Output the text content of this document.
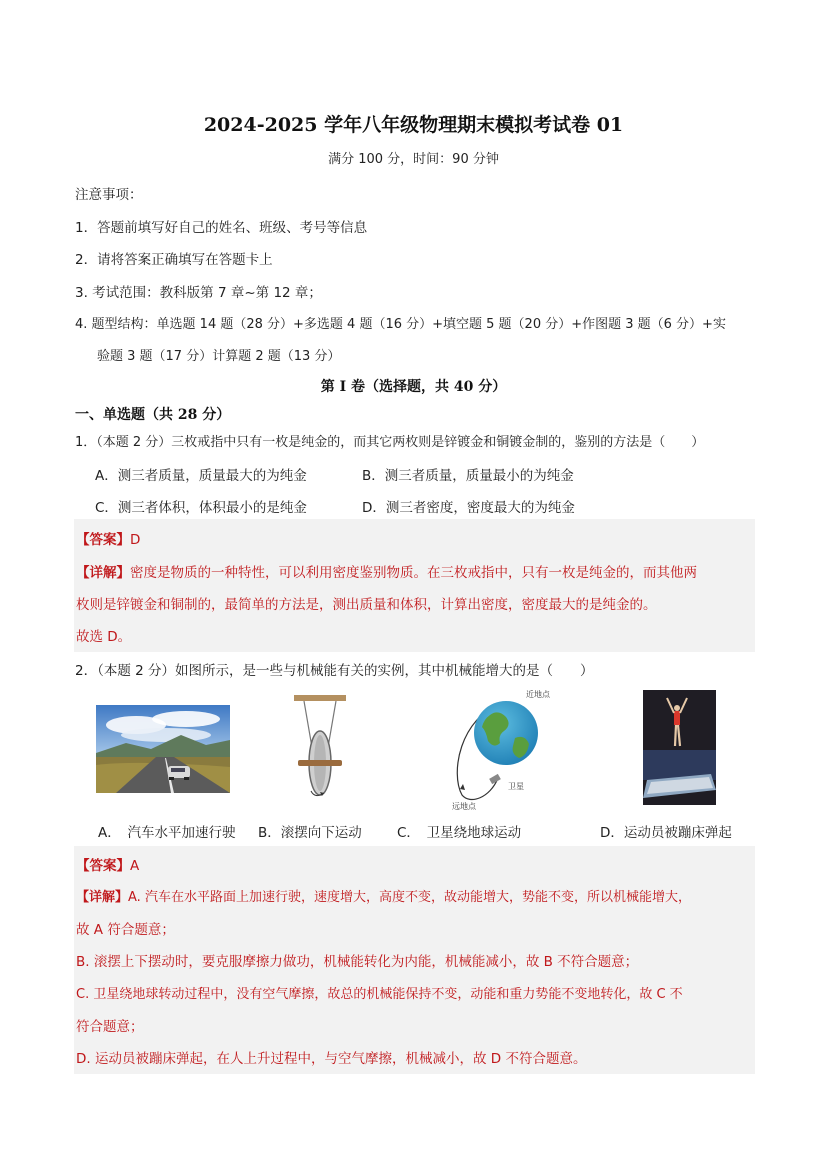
2024-2025 学年八年级物理期末模拟考试卷 01
满分 100 分，时间：90 分钟
注意事项：
1．答题前填写好自己的姓名、班级、考号等信息
2．请将答案正确填写在答题卡上
3. 考试范围：教科版第 7 章~第 12 章；
4. 题型结构：单选题 14 题（28 分）+多选题 4 题（16 分）+填空题 5 题（20 分）+作图题 3 题（6 分）+实
验题 3 题（17 分）计算题 2 题（13 分）
第 I 卷（选择题，共 40 分）
一、单选题（共 28 分）
1．（本题 2 分）三枚戒指中只有一枚是纯金的，而其它两枚则是锌镀金和铜镀金制的，鉴别的方法是（　　）
A．测三者质量，质量最大的为纯金	B．测三者质量，质量最小的为纯金
C．测三者体积，体积最小的是纯金	D．测三者密度，密度最大的为纯金
【答案】D
【详解】密度是物质的一种特性，可以利用密度鉴别物质。在三枚戒指中，只有一枚是纯金的，而其他两
枚则是锌镀金和铜制的，最简单的方法是，测出质量和体积，计算出密度，密度最大的是纯金的。
故选 D。
2．（本题 2 分）如图所示，是一些与机械能有关的实例，其中机械能增大的是（　　）
近地点
远地点
卫星
A．　汽车水平加速行驶 B．滚摆向下运动	C．　卫星绕地球运动	D．运动员被蹦床弹起
【答案】A
【详解】A. 汽车在水平路面上加速行驶，速度增大，高度不变，故动能增大，势能不变，所以机械能增大，
故 A 符合题意；
B. 滚摆上下摆动时，要克服摩擦力做功，机械能转化为内能，机械能减小，故 B 不符合题意；
C. 卫星绕地球转动过程中，没有空气摩擦，故总的机械能保持不变，动能和重力势能不变地转化，故 C 不
符合题意；
D. 运动员被蹦床弹起，在人上升过程中，与空气摩擦，机械减小，故 D 不符合题意。
